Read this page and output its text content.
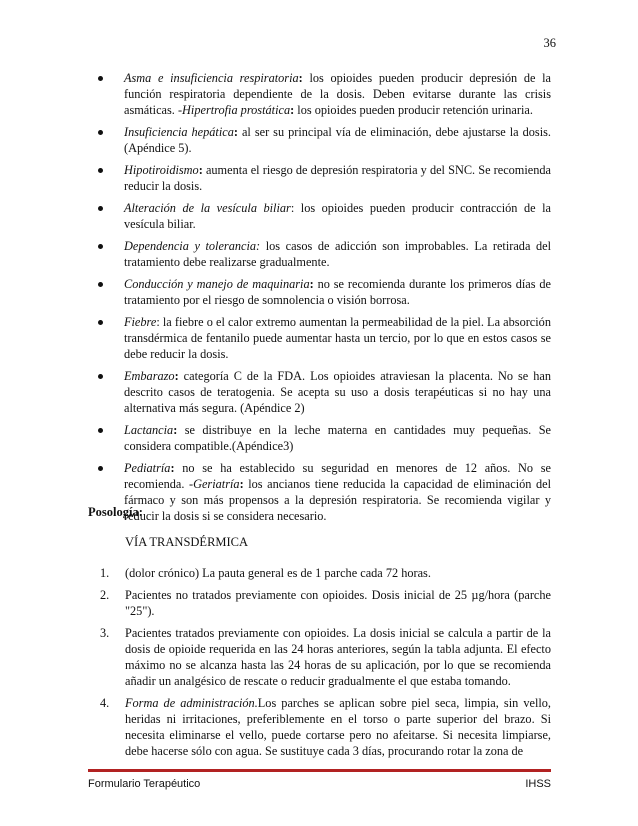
36
Asma e insuficiencia respiratoria: los opioides pueden producir depresión de la función respiratoria dependiente de la dosis. Deben evitarse durante las crisis asmáticas. -Hipertrofia prostática: los opioides pueden producir retención urinaria.
Insuficiencia hepática: al ser su principal vía de eliminación, debe ajustarse la dosis. (Apéndice 5).
Hipotiroidismo: aumenta el riesgo de depresión respiratoria y del SNC. Se recomienda reducir la dosis.
Alteración de la vesícula biliar: los opioides pueden producir contracción de la vesícula biliar.
Dependencia y tolerancia: los casos de adicción son improbables. La retirada del tratamiento debe realizarse gradualmente.
Conducción y manejo de maquinaria: no se recomienda durante los primeros días de tratamiento por el riesgo de somnolencia o visión borrosa.
Fiebre: la fiebre o el calor extremo aumentan la permeabilidad de la piel. La absorción transdérmica de fentanilo puede aumentar hasta un tercio, por lo que en estos casos se debe reducir la dosis.
Embarazo: categoría C de la FDA. Los opioides atraviesan la placenta. No se han descrito casos de teratogenia. Se acepta su uso a dosis terapéuticas si no hay una alternativa más segura. (Apéndice 2)
Lactancia: se distribuye en la leche materna en cantidades muy pequeñas. Se considera compatible.(Apéndice3)
Pediatría: no se ha establecido su seguridad en menores de 12 años. No se recomienda. -Geriatría: los ancianos tiene reducida la capacidad de eliminación del fármaco y son más propensos a la depresión respiratoria. Se recomienda vigilar y reducir la dosis si se considera necesario.
Posología:
VÍA TRANSDÉRMICA
1. (dolor crónico) La pauta general es de 1 parche cada 72 horas.
2. Pacientes no tratados previamente con opioides. Dosis inicial de 25 µg/hora (parche "25").
3. Pacientes tratados previamente con opioides. La dosis inicial se calcula a partir de la dosis de opioide requerida en las 24 horas anteriores, según la tabla adjunta. El efecto máximo no se alcanza hasta las 24 horas de su aplicación, por lo que se recomienda añadir un analgésico de rescate o reducir gradualmente el que estaba tomando.
4. Forma de administración.Los parches se aplican sobre piel seca, limpia, sin vello, heridas ni irritaciones, preferiblemente en el torso o parte superior del brazo. Si necesita eliminarse el vello, puede cortarse pero no afeitarse. Si necesita limpiarse, debe hacerse sólo con agua. Se sustituye cada 3 días, procurando rotar la zona de
Formulario Terapéutico	IHSS
